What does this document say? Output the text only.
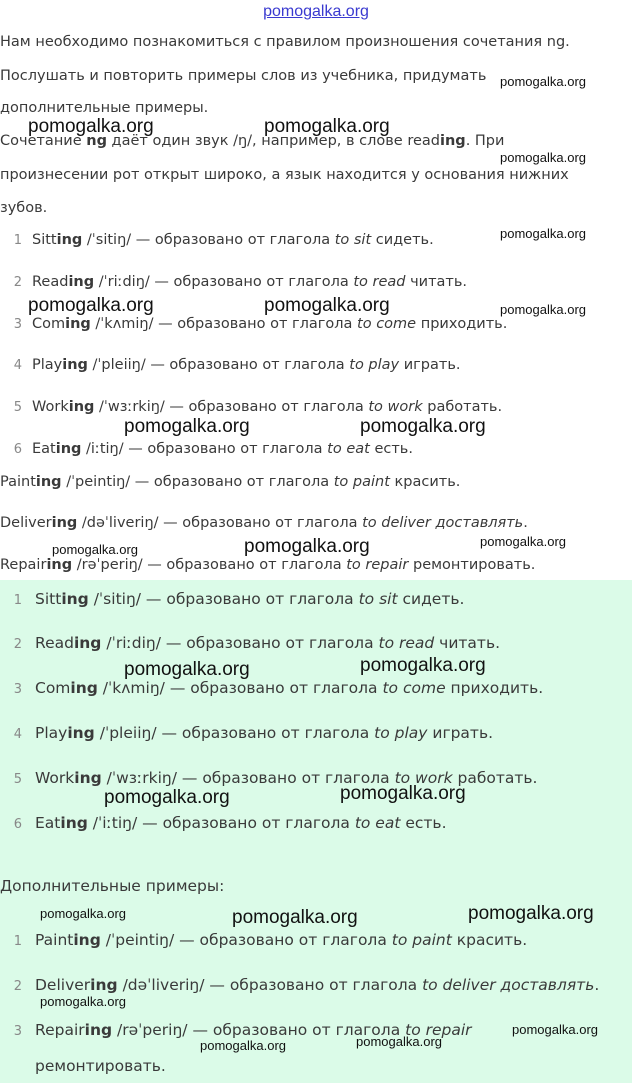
pomogalka.org
Нам необходимо познакомиться с правилом произношения сочетания ng.
Послушать и повторить примеры слов из учебника, придумать
дополнительные примеры.
Сочетание ng даёт один звук /ŋ/, например, в слове reading. При
произнесении рот открыт широко, а язык находится у основания нижних
зубов.
1 Sitting /ˈsitiŋ/ — образовано от глагола to sit сидеть.
2 Reading /ˈriːdiŋ/ — образовано от глагола to read читать.
3 Coming /ˈkʌmiŋ/ — образовано от глагола to come приходить.
4 Playing /ˈpleiiŋ/ — образовано от глагола to play играть.
5 Working /ˈwɜːrkiŋ/ — образовано от глагола to work работать.
6 Eating /iːtiŋ/ — образовано от глагола to eat есть.
Painting /ˈpeintiŋ/ — образовано от глагола to paint красить.
Delivering /dəˈliveriŋ/ — образовано от глагола to deliver доставлять.
Repairing /rəˈperiŋ/ — образовано от глагола to repair ремонтировать.
1 Sitting /ˈsitiŋ/ — образовано от глагола to sit сидеть.
2 Reading /ˈriːdiŋ/ — образовано от глагола to read читать.
3 Coming /ˈkʌmiŋ/ — образовано от глагола to come приходить.
4 Playing /ˈpleiiŋ/ — образовано от глагола to play играть.
5 Working /ˈwɜːrkiŋ/ — образовано от глагола to work работать.
6 Eating /ˈiːtiŋ/ — образовано от глагола to eat есть.
Дополнительные примеры:
1 Painting /ˈpeintiŋ/ — образовано от глагола to paint красить.
2 Delivering /dəˈliveriŋ/ — образовано от глагола to deliver доставлять.
3 Repairing /rəˈperiŋ/ — образовано от глагола to repair
ремонтировать.
pomogalka.org	pomogalka.org
pomogalka.org
pomogalka.org
pomogalka.org
pomogalka.org	pomogalka.org	pomogalka.org
pomogalka.org	pomogalka.org
pomogalka.org	pomogalka.org	pomogalka.org
pomogalka.org	pomogalka.org
pomogalka.org	pomogalka.org
pomogalka.org	pomogalka.org	pomogalka.org
pomogalka.org
pomogalka.org
pomogalka.org	pomogalka.org
